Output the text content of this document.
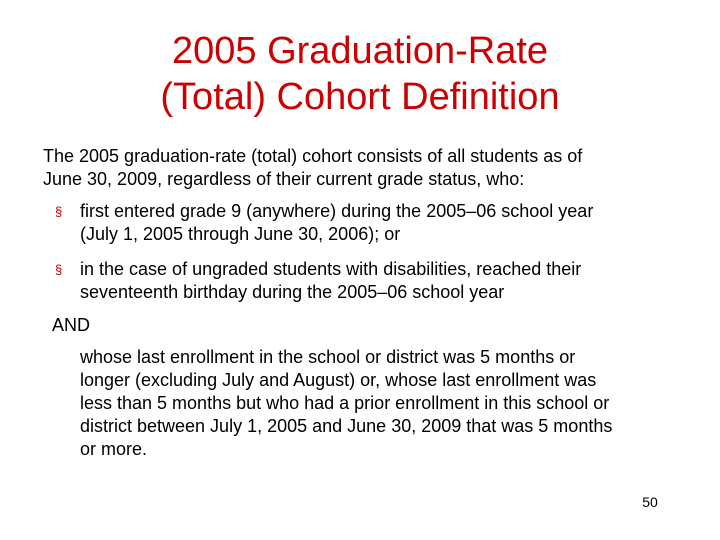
2005 Graduation-Rate
(Total) Cohort Definition
The 2005 graduation-rate (total) cohort consists of all students as of
June 30, 2009, regardless of their current grade status, who:
§ first entered grade 9 (anywhere) during the 2005–06 school year
(July 1, 2005 through June 30, 2006); or
§ in the case of ungraded students with disabilities, reached their
seventeenth birthday during the 2005–06 school year
AND
whose last enrollment in the school or district was 5 months or
longer (excluding July and August) or, whose last enrollment was
less than 5 months but who had a prior enrollment in this school or
district between July 1, 2005 and June 30, 2009 that was 5 months
or more.
50
